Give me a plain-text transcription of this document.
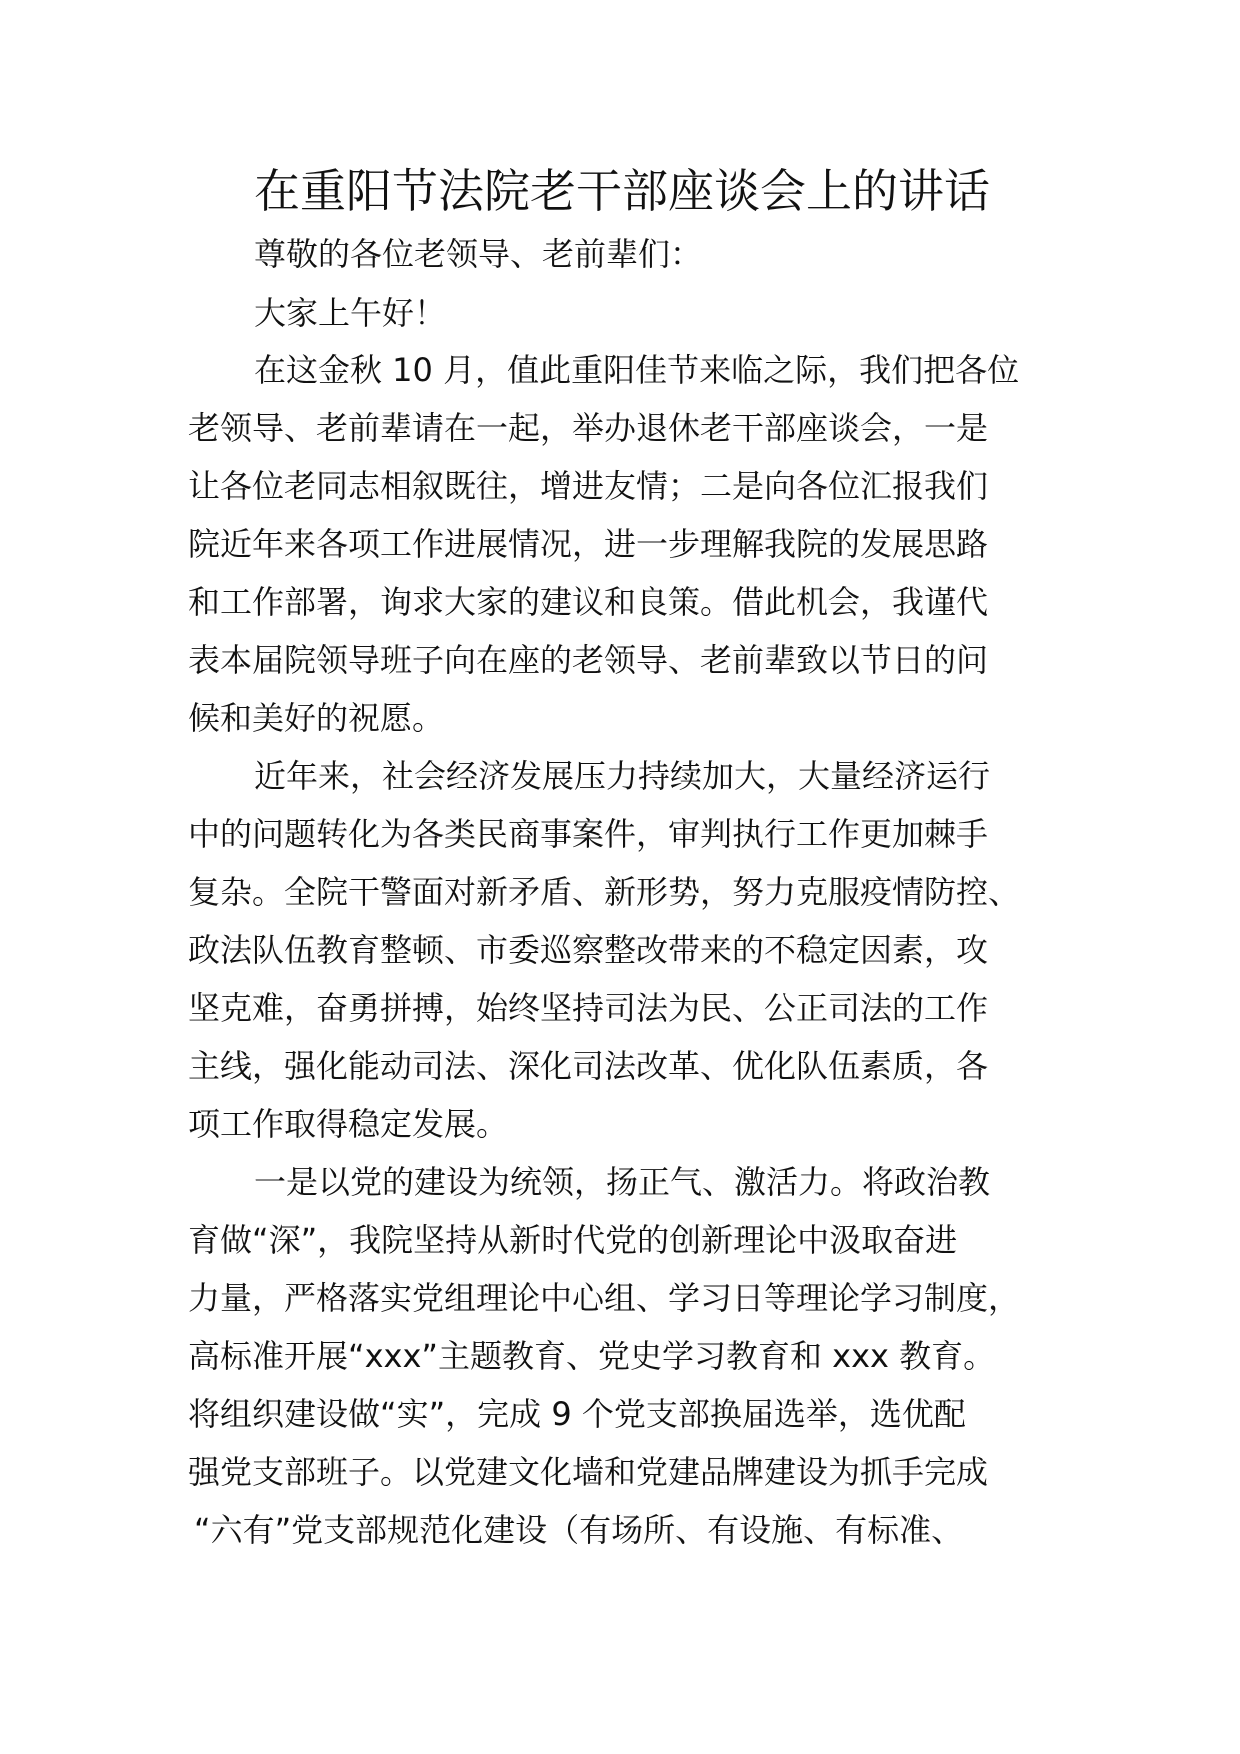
在重阳节法院老干部座谈会上的讲话
尊敬的各位老领导、老前辈们：
大家上午好！
在这金秋 10 月，值此重阳佳节来临之际，我们把各位
老领导、老前辈请在一起，举办退休老干部座谈会，一是
让各位老同志相叙既往，增进友情；二是向各位汇报我们
院近年来各项工作进展情况，进一步理解我院的发展思路
和工作部署，询求大家的建议和良策。借此机会，我谨代
表本届院领导班子向在座的老领导、老前辈致以节日的问
候和美好的祝愿。
近年来，社会经济发展压力持续加大，大量经济运行
中的问题转化为各类民商事案件，审判执行工作更加棘手
复杂。全院干警面对新矛盾、新形势，努力克服疫情防控、
政法队伍教育整顿、市委巡察整改带来的不稳定因素，攻
坚克难，奋勇拼搏，始终坚持司法为民、公正司法的工作
主线，强化能动司法、深化司法改革、优化队伍素质，各
项工作取得稳定发展。
一是以党的建设为统领，扬正气、激活力。将政治教
育做“深”，我院坚持从新时代党的创新理论中汲取奋进
力量，严格落实党组理论中心组、学习日等理论学习制度，
高标准开展“xxx”主题教育、党史学习教育和 xxx 教育。
将组织建设做“实”，完成 9 个党支部换届选举，选优配
强党支部班子。以党建文化墙和党建品牌建设为抓手完成
“六有”党支部规范化建设（有场所、有设施、有标准、
